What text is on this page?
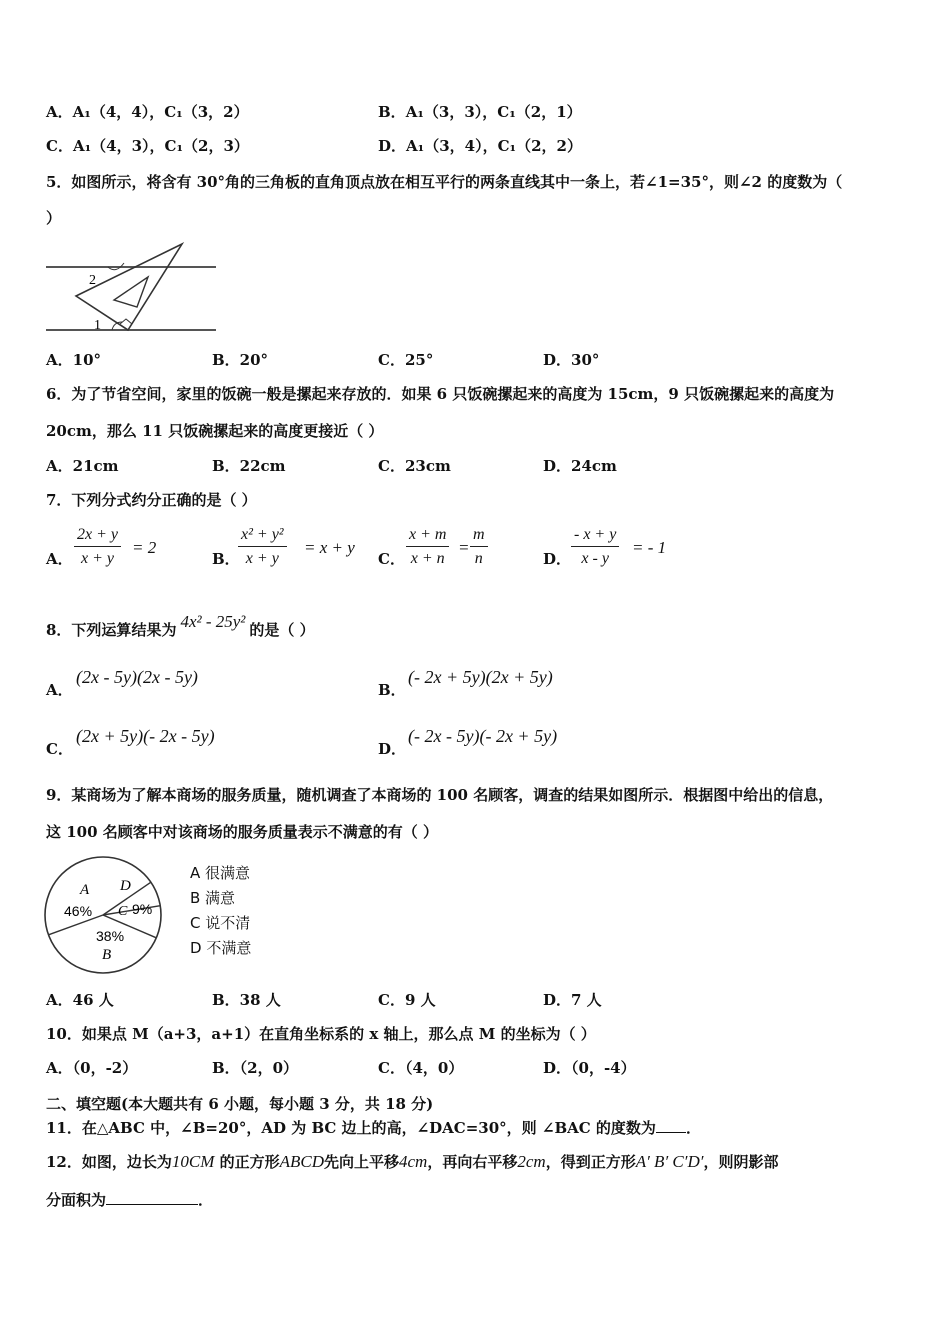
A．A₁（4，4），C₁（3，2）	B．A₁（3，3），C₁（2，1）
C．A₁（4，3），C₁（2，3）	D．A₁（3，4），C₁（2，2）
5．如图所示，将含有 30°角的三角板的直角顶点放在相互平行的两条直线其中一条上，若∠1=35°，则∠2 的度数为（
）
2
1
A．10°	B．20°	C．25°	D．30°
6．为了节省空间，家里的饭碗一般是摞起来存放的．如果 6 只饭碗摞起来的高度为 15cm，9 只饭碗摞起来的高度为
20cm，那么 11 只饭碗摞起来的高度更接近（ ）
A．21cm	B．22cm	C．23cm	D．24cm
7．下列分式约分正确的是（ ）
A． $\frac{2x + y}{x + y} = 2$
B．
$\frac{\text{x² + y²}}{x + y} = x + y$
C． $\frac{x + m}{x + n} = \frac{m}{n}$	D． $\frac{- x + y}{x - y}$ = - 1
8．下列运算结果为 4x² - 25y² 的是（ ）
A．
(2x - 5y)(2x - 5y)
B．
(- 2x + 5y)(2x + 5y)
C．
(2x + 5y)(- 2x - 5y)
D．
(- 2x - 5y)(- 2x + 5y)
9．某商场为了解本商场的服务质量，随机调查了本商场的 100 名顾客，调查的结果如图所示．根据图中给出的信息，
这 100 名顾客中对该商场的服务质量表示不满意的有（ ）
A
46%
38%
B
C 9%
D
A 很满意
B 满意
C 说不清
D 不满意
A．46 人	B．38 人	C．9 人	D．7 人
10．如果点 M（a+3，a+1）在直角坐标系的 x 轴上，那么点 M 的坐标为（ ）
A．（0，-2）	B．（2，0）	C．（4，0）	D．（0，-4）
二、填空题(本大题共有 6 小题，每小题 3 分，共 18 分)
11．在△ABC 中，∠B=20°，AD 为 BC 边上的高，∠DAC=30°，则 ∠BAC 的度数为 ．
12．如图，边长为10CM 的正方形ABCD先向上平移4cm，再向右平移2cm，得到正方形A′ B′ C′D′，则阴影部
分面积为	．
